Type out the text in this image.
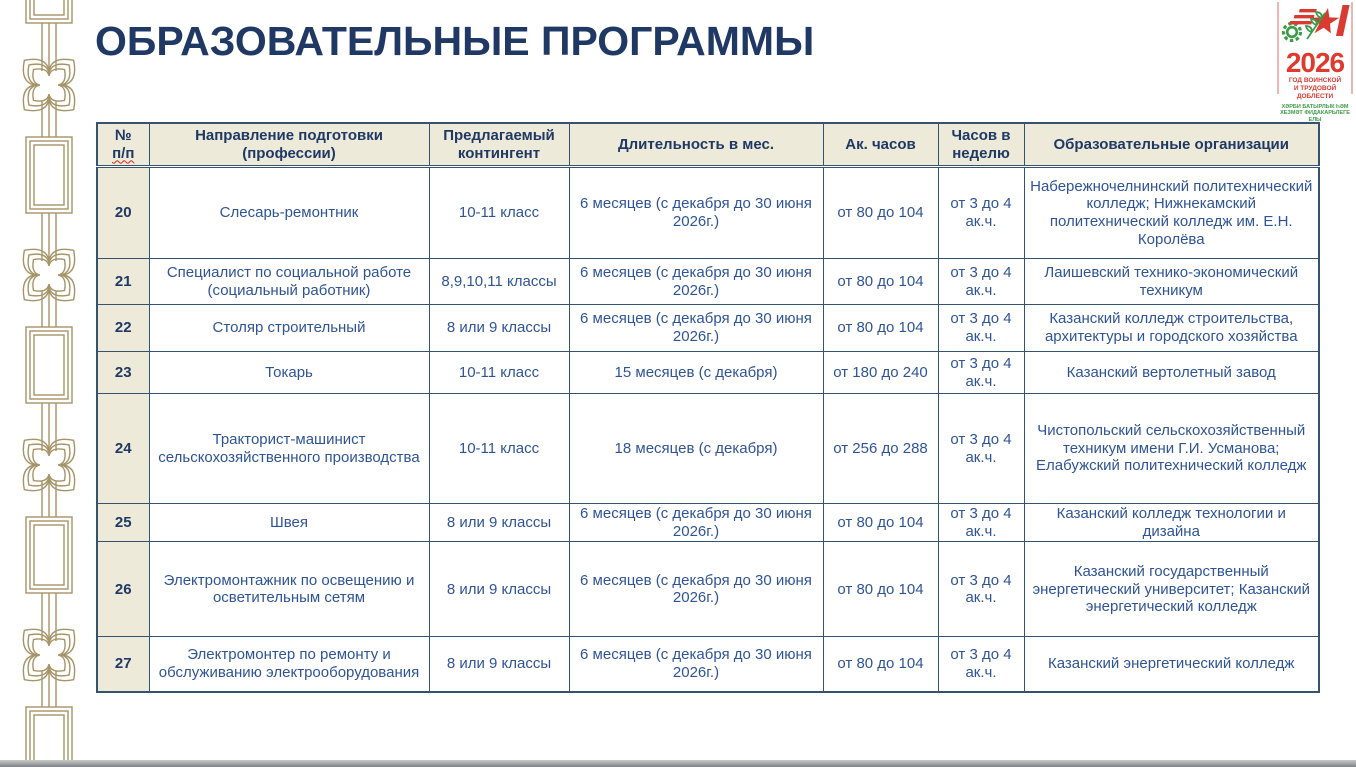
ОБРАЗОВАТЕЛЬНЫЕ ПРОГРАММЫ	2026
ГОД ВОИНСКОЙ
И ТРУДОВОЙ ДОБЛЕСТИ
ХӘРБИ БАТЫРЛЫК ҺӘМ
ХЕЗМӘТ ФИДАКАРЬЛЕГЕ ЕЛЫ
№
п/п	Направление подготовки (профессии)	Предлагаемый контингент	Длительность в мес.	Ак. часов	Часов в неделю	Образовательные организации
20	Слесарь-ремонтник	10-11 класс	6 месяцев (с декабря до 30 июня 2026г.)	от 80 до 104	от 3 до 4 ак.ч.	Набережночелнинский политехнический колледж; Нижнекамский политехнический колледж им. Е.Н. Королёва
21	Специалист по социальной работе (социальный работник)	8,9,10,11 классы	6 месяцев (с декабря до 30 июня 2026г.)	от 80 до 104	от 3 до 4 ак.ч.	Лаишевский технико-экономический техникум
22	Столяр строительный	8 или 9 классы	6 месяцев (с декабря до 30 июня 2026г.)	от 80 до 104	от 3 до 4 ак.ч.	Казанский колледж строительства, архитектуры и городского хозяйства
23	Токарь	10-11 класс	15 месяцев (с декабря)	от 180 до 240	от 3 до 4 ак.ч.	Казанский вертолетный завод
24	Тракторист-машинист сельскохозяйственного производства	10-11 класс	18 месяцев (с декабря)	от 256 до 288	от 3 до 4 ак.ч.	Чистопольский сельскохозяйственный техникум имени Г.И. Усманова; Елабужский политехнический колледж
25	Швея	8 или 9 классы	6 месяцев (с декабря до 30 июня 2026г.)	от 80 до 104	от 3 до 4 ак.ч.	Казанский колледж технологии и дизайна
26	Электромонтажник по освещению и осветительным сетям	8 или 9 классы	6 месяцев (с декабря до 30 июня 2026г.)	от 80 до 104	от 3 до 4 ак.ч.	Казанский государственный энергетический университет; Казанский энергетический колледж
27	Электромонтер по ремонту и обслуживанию электрооборудования	8 или 9 классы	6 месяцев (с декабря до 30 июня 2026г.)	от 80 до 104	от 3 до 4 ак.ч.	Казанский энергетический колледж
